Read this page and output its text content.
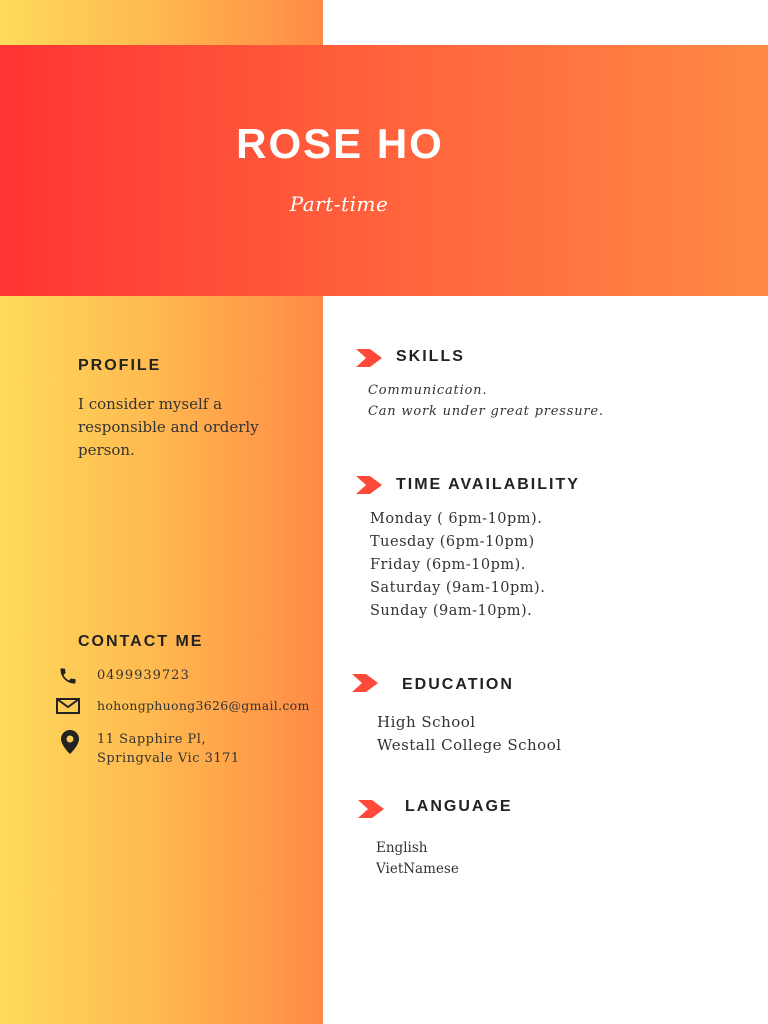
ROSE HO
Part-time
PROFILE
I consider myself a
responsible and orderly
person.
CONTACT ME
0499939723
hohongphuong3626@gmail.com
11 Sapphire Pl,
Springvale Vic 3171
SKILLS
Communication.
Can work under great pressure.
TIME AVAILABILITY
Monday ( 6pm-10pm).
Tuesday (6pm-10pm)
Friday (6pm-10pm).
Saturday (9am-10pm).
Sunday (9am-10pm).
EDUCATION
High School
Westall College School
LANGUAGE
English
VietNamese
